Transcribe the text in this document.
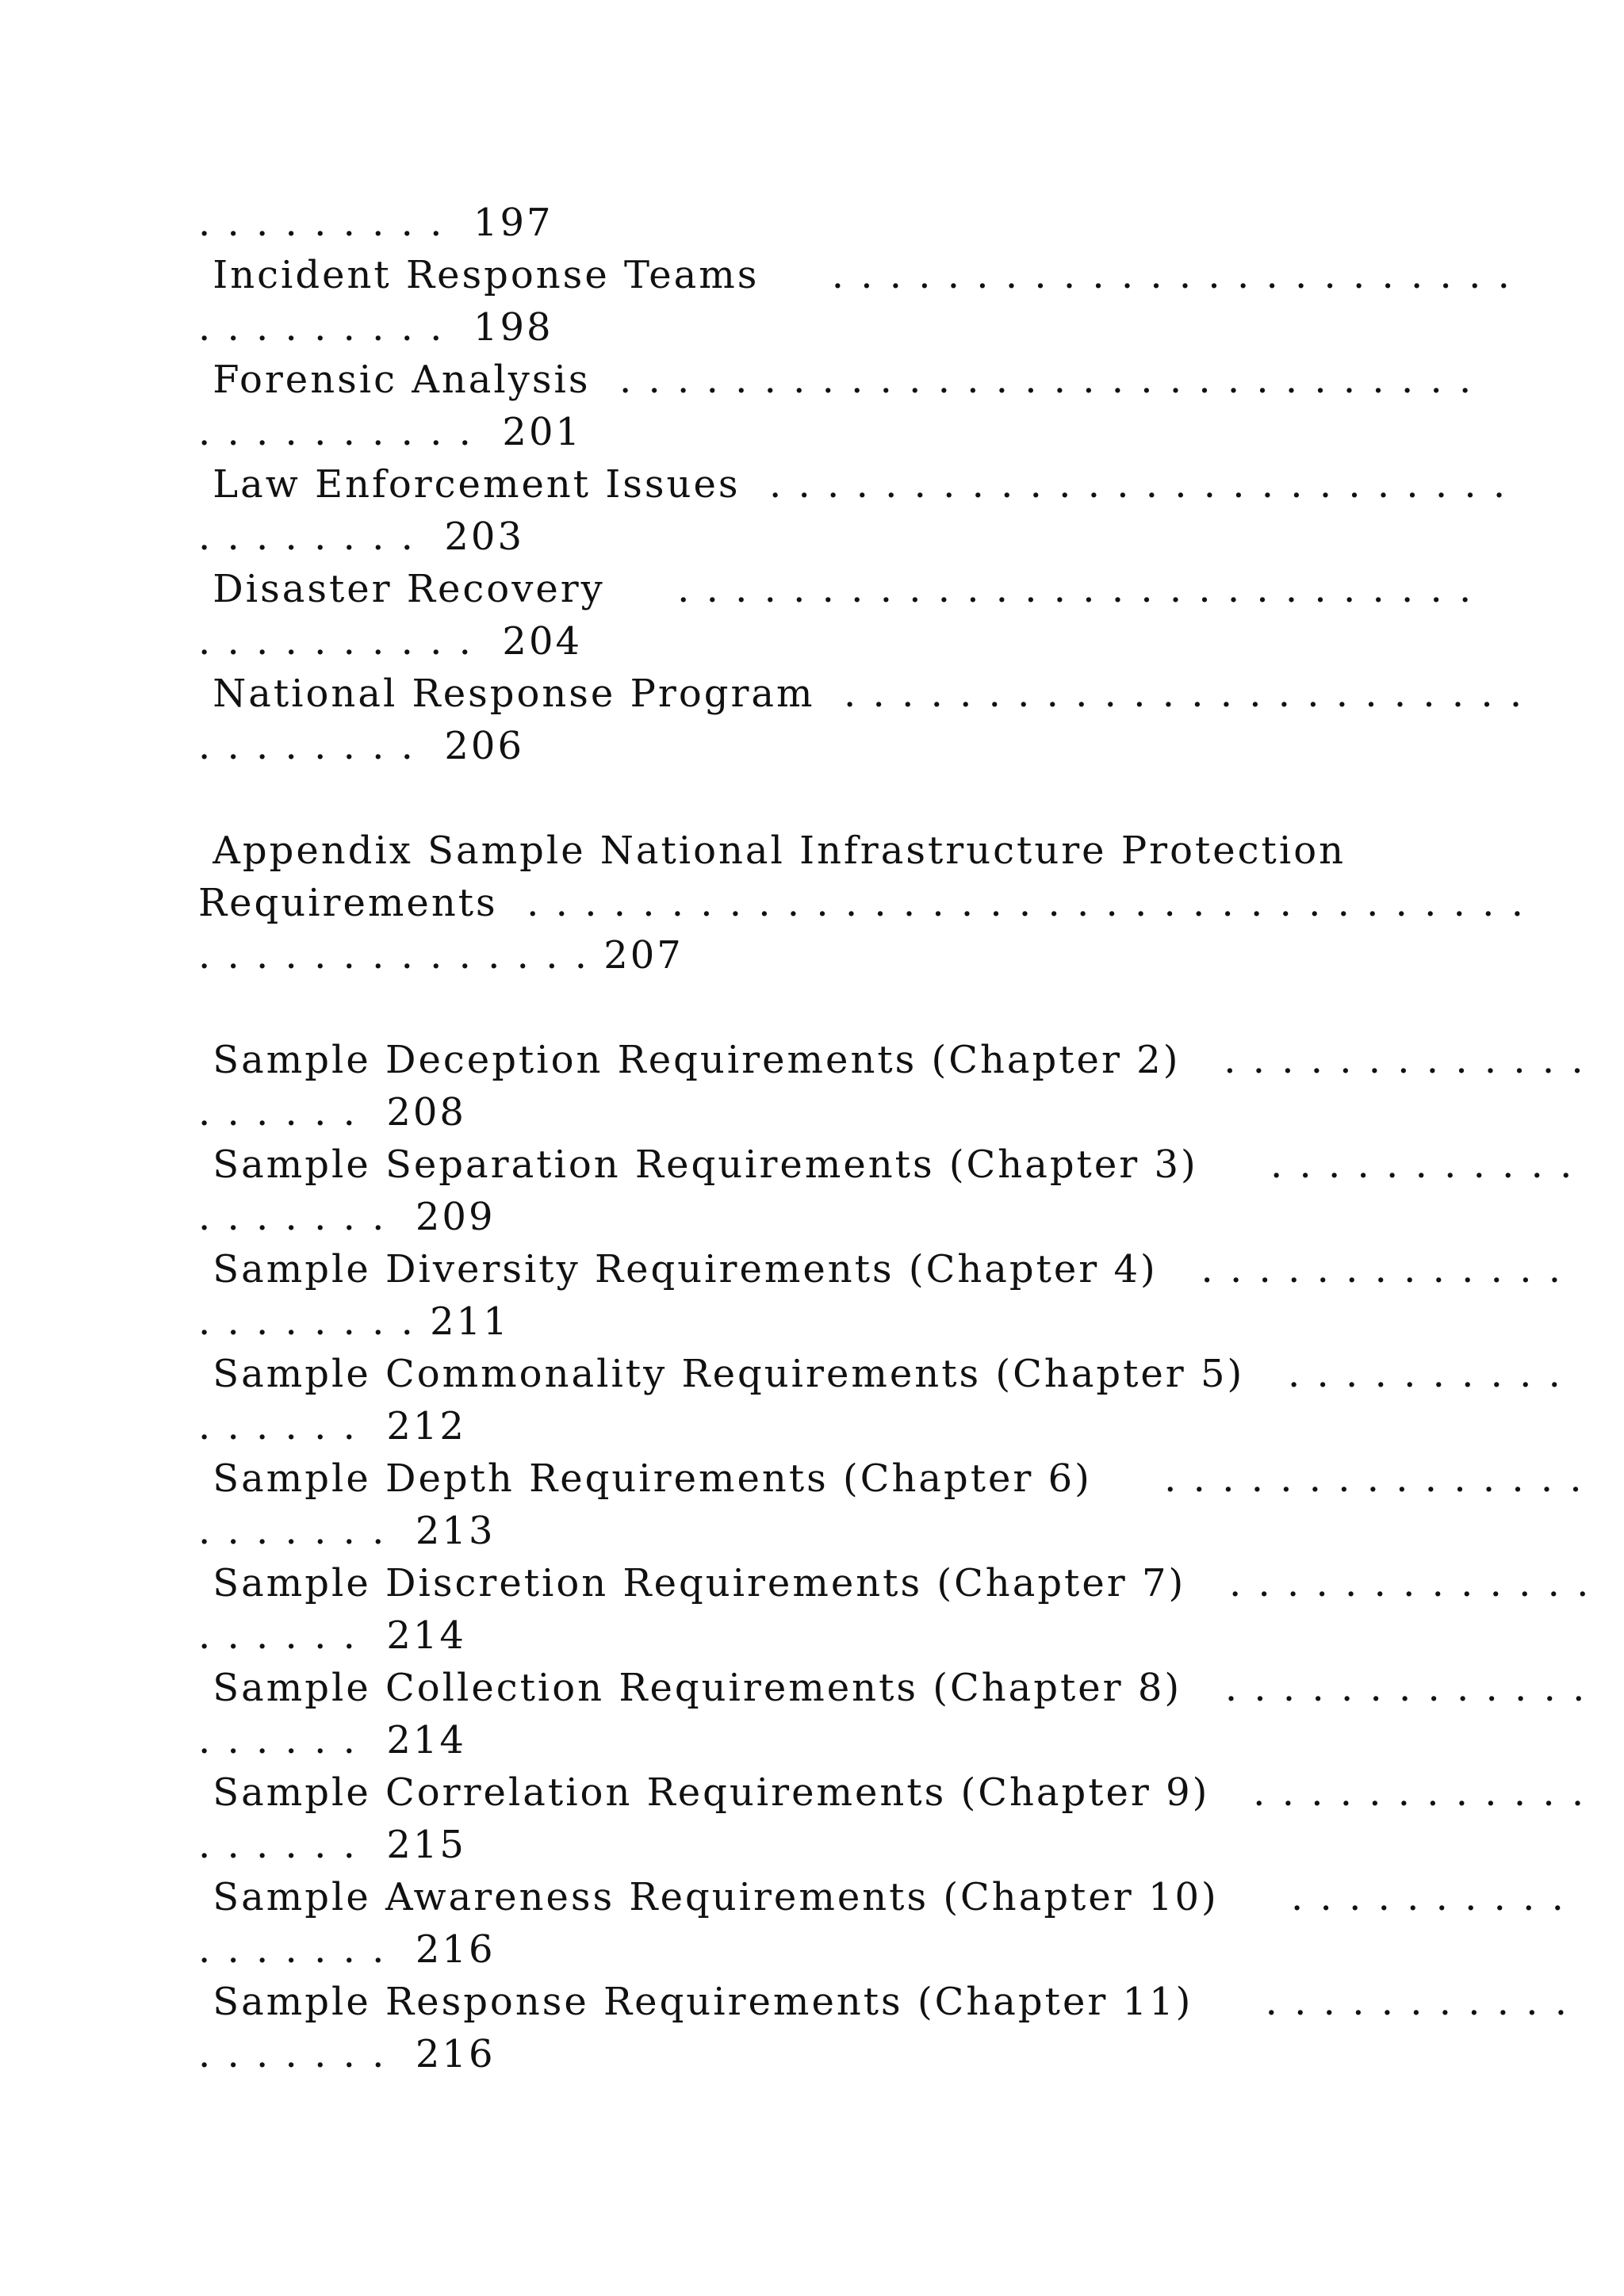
. . . . . . . . .  197
Incident Response Teams     . . . . . . . . . . . . . . . . . . . . . . . .
. . . . . . . . .  198
Forensic Analysis  . . . . . . . . . . . . . . . . . . . . . . . . . . . . . .
. . . . . . . . . .  201
Law Enforcement Issues  . . . . . . . . . . . . . . . . . . . . . . . . . .
. . . . . . . .  203
Disaster Recovery     . . . . . . . . . . . . . . . . . . . . . . . . . . . .
. . . . . . . . . .  204
National Response Program  . . . . . . . . . . . . . . . . . . . . . . . .
. . . . . . . .  206
Appendix Sample National Infrastructure Protection
Requirements  . . . . . . . . . . . . . . . . . . . . . . . . . . . . . . . . . . .
. . . . . . . . . . . . . . 207
Sample Deception Requirements (Chapter 2)   . . . . . . . . . . . . .
. . . . . .  208
Sample Separation Requirements (Chapter 3)     . . . . . . . . . . .
. . . . . . .  209
Sample Diversity Requirements (Chapter 4)   . . . . . . . . . . . . .
. . . . . . . . 211
Sample Commonality Requirements (Chapter 5)   . . . . . . . . . .
. . . . . .  212
Sample Depth Requirements (Chapter 6)     . . . . . . . . . . . . . . .
. . . . . . .  213
Sample Discretion Requirements (Chapter 7)   . . . . . . . . . . . . .
. . . . . .  214
Sample Collection Requirements (Chapter 8)   . . . . . . . . . . . . .
. . . . . .  214
Sample Correlation Requirements (Chapter 9)   . . . . . . . . . . . .
. . . . . .  215
Sample Awareness Requirements (Chapter 10)     . . . . . . . . . .
. . . . . . .  216
Sample Response Requirements (Chapter 11)     . . . . . . . . . . .
. . . . . . .  216
